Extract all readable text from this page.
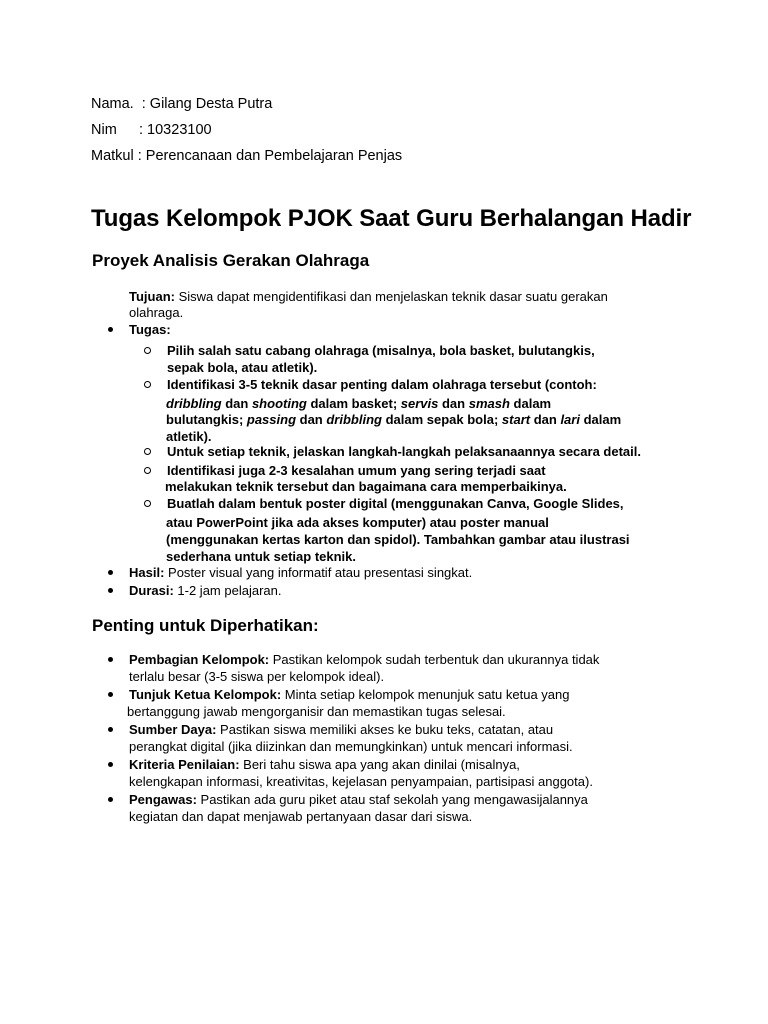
Nama. : Gilang Desta Putra
Nim : 10323100
Matkul : Perencanaan dan Pembelajaran Penjas
Tugas Kelompok PJOK Saat Guru Berhalangan Hadir
Proyek Analisis Gerakan Olahraga
Tujuan: Siswa dapat mengidentifikasi dan menjelaskan teknik dasar suatu gerakan
olahraga.
Tugas:
Pilih salah satu cabang olahraga (misalnya, bola basket, bulutangkis,
sepak bola, atau atletik).
Identifikasi 3-5 teknik dasar penting dalam olahraga tersebut (contoh:
dribbling dan shooting dalam basket; servis dan smash dalam
bulutangkis; passing dan dribbling dalam sepak bola; start dan lari dalam
atletik).
Untuk setiap teknik, jelaskan langkah-langkah pelaksanaannya secara detail.
Identifikasi juga 2-3 kesalahan umum yang sering terjadi saat
melakukan teknik tersebut dan bagaimana cara memperbaikinya.
Buatlah dalam bentuk poster digital (menggunakan Canva, Google Slides,
atau PowerPoint jika ada akses komputer) atau poster manual
(menggunakan kertas karton dan spidol). Tambahkan gambar atau ilustrasi
sederhana untuk setiap teknik.
Hasil: Poster visual yang informatif atau presentasi singkat.
Durasi: 1-2 jam pelajaran.
Penting untuk Diperhatikan:
Pembagian Kelompok: Pastikan kelompok sudah terbentuk dan ukurannya tidak
terlalu besar (3-5 siswa per kelompok ideal).
Tunjuk Ketua Kelompok: Minta setiap kelompok menunjuk satu ketua yang
bertanggung jawab mengorganisir dan memastikan tugas selesai.
Sumber Daya: Pastikan siswa memiliki akses ke buku teks, catatan, atau
perangkat digital (jika diizinkan dan memungkinkan) untuk mencari informasi.
Kriteria Penilaian: Beri tahu siswa apa yang akan dinilai (misalnya,
kelengkapan informasi, kreativitas, kejelasan penyampaian, partisipasi anggota).
Pengawas: Pastikan ada guru piket atau staf sekolah yang mengawasijalannya
kegiatan dan dapat menjawab pertanyaan dasar dari siswa.
